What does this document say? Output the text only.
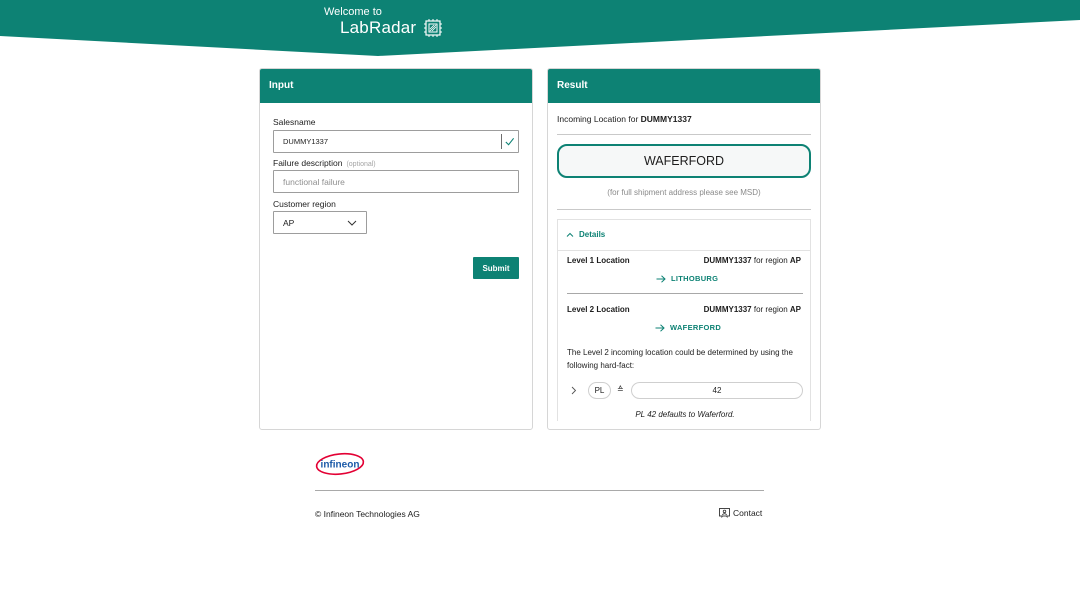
Welcome to
LabRadar
Input
Salesname
DUMMY1337
Failure description (optional)
functional failure
Customer region
AP
Submit
Result
Incoming Location for DUMMY1337
WAFERFORD
(for full shipment address please see MSD)
Details
Level 1 Location	DUMMY1337 for region AP
LITHOBURG
Level 2 Location	DUMMY1337 for region AP
WAFERFORD
The Level 2 incoming location could be determined by using the following hard-fact:
PL	≙	42
PL 42 defaults to Waferford.
infineon
© Infineon Technologies AG	Contact
